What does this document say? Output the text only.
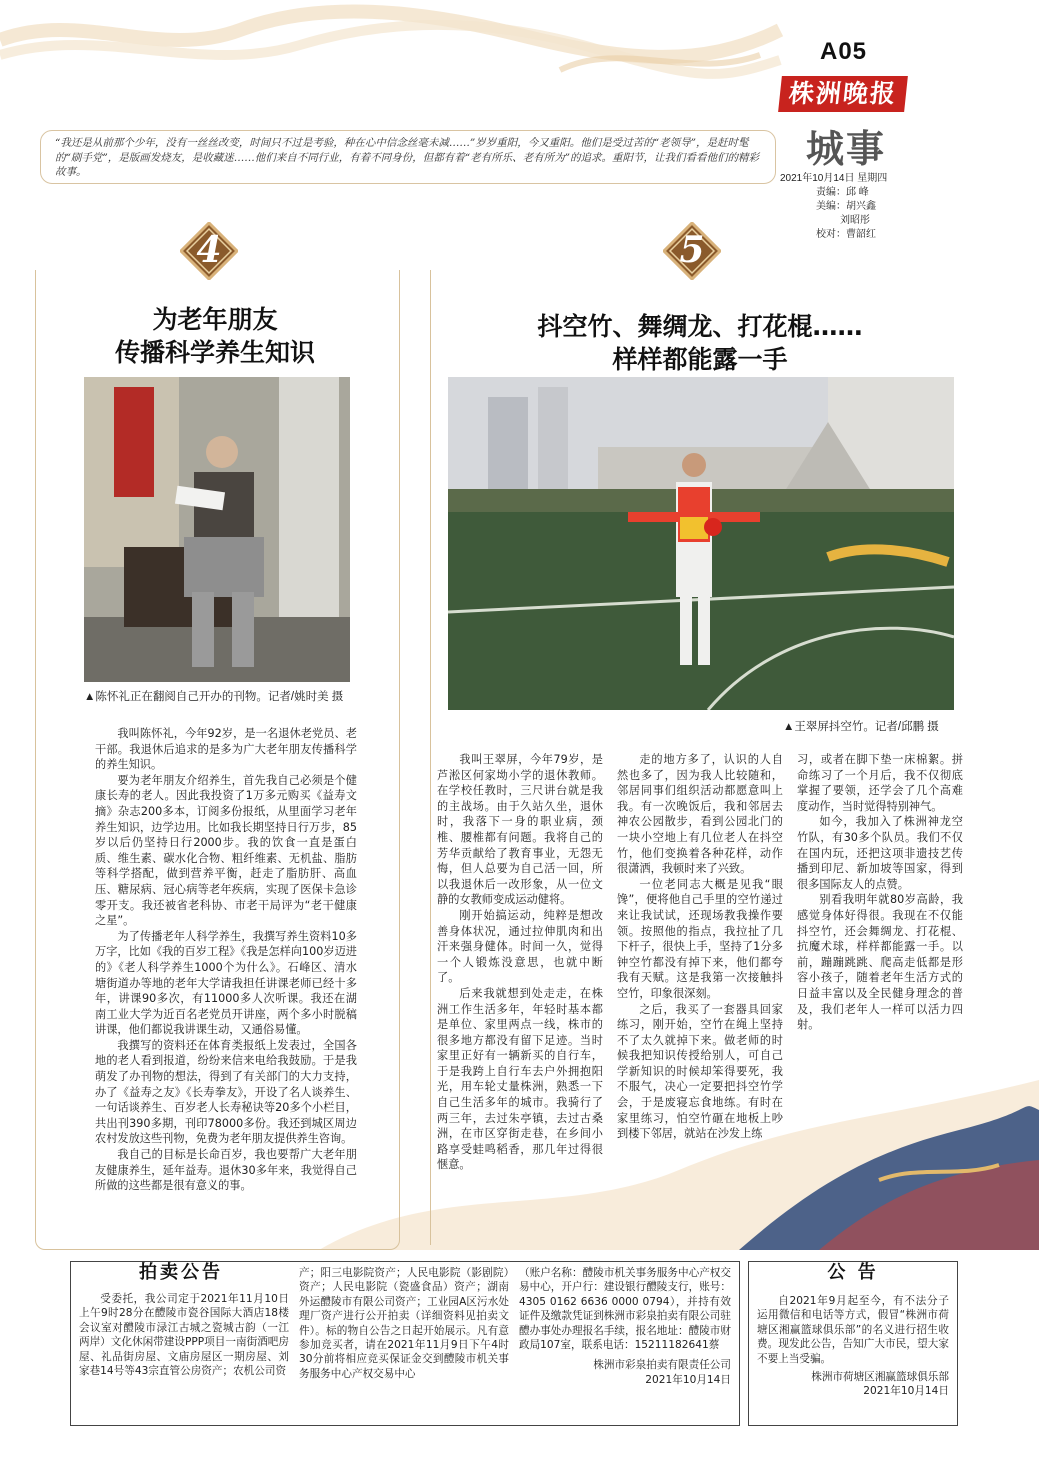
A05
株洲晚报
城事
2021年10月14日 星期四
责编：邱 峰
美编：胡兴鑫
刘昭彤
校对：曹韶红
“我还是从前那个少年，没有一丝丝改变，时间只不过是考验，种在心中信念丝毫未减……”岁岁重阳，今又重阳。他们是受过苦的“老领导”，是赶时髦的“刷手党”，是版画发烧友，是收藏迷……他们来自不同行业，有着不同身份，但都有着“老有所乐、老有所为”的追求。重阳节，让我们看看他们的精彩故事。
4	5
为老年朋友
传播科学养生知识
抖空竹、舞绸龙、打花棍……
样样都能露一手
▲陈怀礼正在翻阅自己开办的刊物。记者/姚时美 摄
▲王翠屏抖空竹。记者/邱鹏 摄

我叫陈怀礼，今年92岁，是一名退休老党员、老干部。我退休后追求的是多为广大老年朋友传播科学的养生知识。

要为老年朋友介绍养生，首先我自己必须是个健康长寿的老人。因此我投资了1万多元购买《益寿文摘》杂志200多本，订阅多份报纸，从里面学习老年养生知识，边学边用。比如我长期坚持日行万步，85岁以后仍坚持日行2000步。我的饮食一直是蛋白质、维生素、碳水化合物、粗纤维素、无机盐、脂肪等科学搭配，做到营养平衡，赶走了脂肪肝、高血压、糖尿病、冠心病等老年疾病，实现了医保卡急诊零开支。我还被省老科协、市老干局评为“老干健康之星”。

为了传播老年人科学养生，我撰写养生资料10多万字，比如《我的百岁工程》《我是怎样向100岁迈进的》《老人科学养生1000个为什么》。石峰区、清水塘街道办等地的老年大学请我担任讲课老师已经十多年，讲课90多次，有11000多人次听课。我还在湖南工业大学为近百名老党员开讲座，两个多小时脱稿讲课，他们都说我讲课生动，又通俗易懂。

我撰写的资料还在体育类报纸上发表过，全国各地的老人看到报道，纷纷来信来电给我鼓励。于是我萌发了办刊物的想法，得到了有关部门的大力支持，办了《益寿之友》《长寿拳友》，开设了名人谈养生、一句话谈养生、百岁老人长寿秘诀等20多个小栏目，共出刊390多期，刊印78000多份。我还到城区周边农村发放这些刊物，免费为老年朋友提供养生咨询。

我自己的目标是长命百岁，我也要帮广大老年朋友健康养生，延年益寿。退休30多年来，我觉得自己所做的这些都是很有意义的事。

我叫王翠屏，今年79岁，是芦淞区何家坳小学的退休教师。在学校任教时，三尺讲台就是我的主战场。由于久站久坐，退休时，我落下一身的职业病，颈椎、腰椎都有问题。我将自己的芳华贡献给了教育事业，无怨无悔，但人总要为自己活一回，所以我退休后一改形象，从一位文静的女教师变成运动健将。

刚开始搞运动，纯粹是想改善身体状况，通过拉伸肌肉和出汗来强身健体。时间一久，觉得一个人锻炼没意思，也就中断了。

后来我就想到处走走，在株洲工作生活多年，年轻时基本都是单位、家里两点一线，株市的很多地方都没有留下足迹。当时家里正好有一辆新买的自行车，于是我跨上自行车去户外拥抱阳光，用车轮丈量株洲，熟悉一下自己生活多年的城市。我骑行了两三年，去过朱亭镇，去过古桑洲，在市区穿街走巷，在乡间小路享受蛙鸣稻香，那几年过得很惬意。

走的地方多了，认识的人自然也多了，因为我人比较随和，邻居同事们组织活动都愿意叫上我。有一次晚饭后，我和邻居去神农公园散步，看到公园北门的一块小空地上有几位老人在抖空竹，他们变换着各种花样，动作很潇洒，我顿时来了兴致。

一位老同志大概是见我“眼馋”，便将他自己手里的空竹递过来让我试试，还现场教我操作要领。按照他的指点，我拉扯了几下杆子，很快上手，坚持了1分多钟空竹都没有掉下来，他们都夸我有天赋。这是我第一次接触抖空竹，印象很深刻。

之后，我买了一套器具回家练习，刚开始，空竹在绳上坚持不了太久就掉下来。做老师的时候我把知识传授给别人，可自己学新知识的时候却笨得要死，我不服气，决心一定要把抖空竹学会，于是废寝忘食地练。有时在家里练习，怕空竹砸在地板上吵到楼下邻居，就站在沙发上练

习，或者在脚下垫一床棉絮。拼命练习了一个月后，我不仅彻底掌握了要领，还学会了几个高难度动作，当时觉得特别神气。

如今，我加入了株洲神龙空竹队，有30多个队员。我们不仅在国内玩，还把这项非遗技艺传播到印尼、新加坡等国家，得到很多国际友人的点赞。

别看我明年就80岁高龄，我感觉身体好得很。我现在不仅能抖空竹，还会舞绸龙、打花棍、抗魔术球，样样都能露一手。以前，蹦蹦跳跳、爬高走低都是形容小孩子，随着老年生活方式的日益丰富以及全民健身理念的普及，我们老年人一样可以活力四射。

拍卖公告

受委托，我公司定于2021年11月10日上午9时28分在醴陵市瓷谷国际大酒店18楼会议室对醴陵市渌江古城之瓷城古韵（一江两岸）文化休闲带建设PPP项目一南街酒吧房屋、礼品街房屋、文庙房屋区一期房屋、刘家巷14号等43宗直管公房资产；农机公司资

产；阳三电影院资产；人民电影院（影剧院）资产；人民电影院（瓷盛食品）资产；湖南外运醴陵市有限公司资产；工业园A区污水处理厂资产进行公开拍卖（详细资料见拍卖文件）。标的物自公告之日起开始展示。凡有意参加竞买者，请在2021年11月9日下午4时30分前将相应竞买保证金交到醴陵市机关事务服务中心产权交易中心

（账户名称：醴陵市机关事务服务中心产权交易中心，开户行：建设银行醴陵支行，账号：4305 0162 6636 0000 0794），并持有效证件及缴款凭证到株洲市彩泉拍卖有限公司驻醴办事处办理报名手续，报名地址：醴陵市财政局107室，联系电话：15211182641蔡

株洲市彩泉拍卖有限责任公司
2021年10月14日
公 告

自2021年9月起至今，有不法分子运用微信和电话等方式，假冒“株洲市荷塘区湘赢篮球俱乐部”的名义进行招生收费。现发此公告，告知广大市民，望大家不要上当受骗。

株洲市荷塘区湘赢篮球俱乐部
2021年10月14日
